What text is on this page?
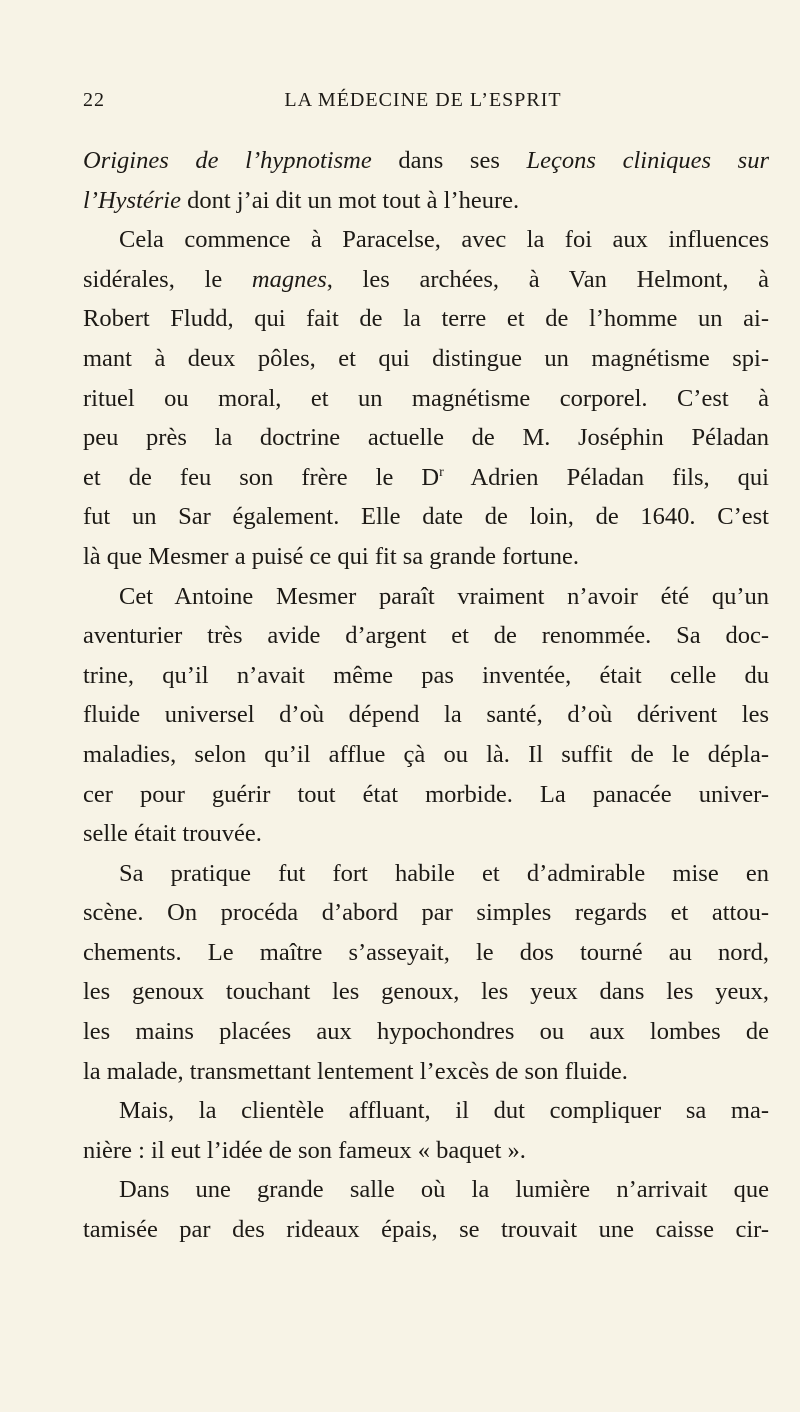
22	LA MÉDECINE DE L’ESPRIT
Origines de l’hypnotisme dans ses Leçons cliniques sur
l’Hystérie dont j’ai dit un mot tout à l’heure.
Cela commence à Paracelse, avec la foi aux influences
sidérales, le magnes, les archées, à Van Helmont, à
Robert Fludd, qui fait de la terre et de l’homme un ai-
mant à deux pôles, et qui distingue un magnétisme spi-
rituel ou moral, et un magnétisme corporel. C’est à
peu près la doctrine actuelle de M. Joséphin Péladan
et de feu son frère le $D^r$ Adrien Péladan fils, qui
fut un Sar également. Elle date de loin, de 1640. C’est
là que Mesmer a puisé ce qui fit sa grande fortune.
Cet Antoine Mesmer paraît vraiment n’avoir été qu’un
aventurier très avide d’argent et de renommée. Sa doc-
trine, qu’il n’avait même pas inventée, était celle du
fluide universel d’où dépend la santé, d’où dérivent les
maladies, selon qu’il afflue çà ou là. Il suffit de le dépla-
cer pour guérir tout état morbide. La panacée univer-
selle était trouvée.
Sa pratique fut fort habile et d’admirable mise en
scène. On procéda d’abord par simples regards et attou-
chements. Le maître s’asseyait, le dos tourné au nord,
les genoux touchant les genoux, les yeux dans les yeux,
les mains placées aux hypochondres ou aux lombes de
la malade, transmettant lentement l’excès de son fluide.
Mais, la clientèle affluant, il dut compliquer sa ma-
nière : il eut l’idée de son fameux « baquet ».
Dans une grande salle où la lumière n’arrivait que
tamisée par des rideaux épais, se trouvait une caisse cir-
